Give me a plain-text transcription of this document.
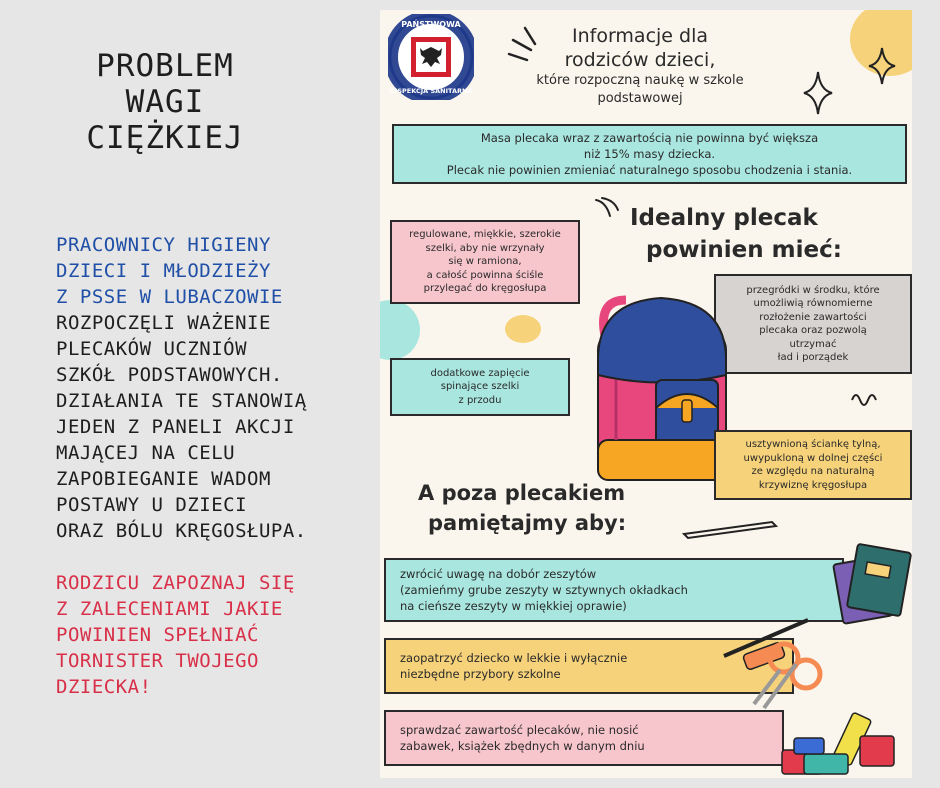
PROBLEM
WAGI
CIĘŻKIEJ
PRACOWNICY HIGIENY
DZIECI I MŁODZIEŻY
Z PSSE W LUBACZOWIE
ROZPOCZĘLI WAŻENIE
PLECAKÓW UCZNIÓW
SZKÓŁ PODSTAWOWYCH.
DZIAŁANIA TE STANOWIĄ
JEDEN Z PANELI AKCJI
MAJĄCEJ NA CELU
ZAPOBIEGANIE WADOM
POSTAWY U DZIECI
ORAZ BÓLU KRĘGOSŁUPA.
RODZICU ZAPOZNAJ SIĘ
Z ZALECENIAMI JAKIE
POWINIEN SPEŁNIAĆ
TORNISTER TWOJEGO
DZIECKA!
PAŃSTWOWA
INSPEKCJA SANITARNA
Informacje dla
rodziców dzieci,
które rozpoczną naukę w szkole
podstawowej
Masa plecaka wraz z zawartością nie powinna być większa
niż 15% masy dziecka.
Plecak nie powinien zmieniać naturalnego sposobu chodzenia i stania.
Idealny plecak
powinien mieć:
regulowane, miękkie, szerokie
szelki, aby nie wrzynały
się w ramiona,
a całość powinna ściśle
przylegać do kręgosłupa	przegródki w środku, które
umożliwią równomierne
rozłożenie zawartości
plecaka oraz pozwolą
utrzymać
ład i porządek
dodatkowe zapięcie
spinające szelki
z przodu
usztywnioną ściankę tylną,
uwypukloną w dolnej części
ze względu na naturalną
krzywiznę kręgosłupa
A poza plecakiem
pamiętajmy aby:
zwrócić uwagę na dobór zeszytów
(zamieńmy grube zeszyty w sztywnych okładkach
na cieńsze zeszyty w miękkiej oprawie)
zaopatrzyć dziecko w lekkie i wyłącznie
niezbędne przybory szkolne
sprawdzać zawartość plecaków, nie nosić
zabawek, książek zbędnych w danym dniu
